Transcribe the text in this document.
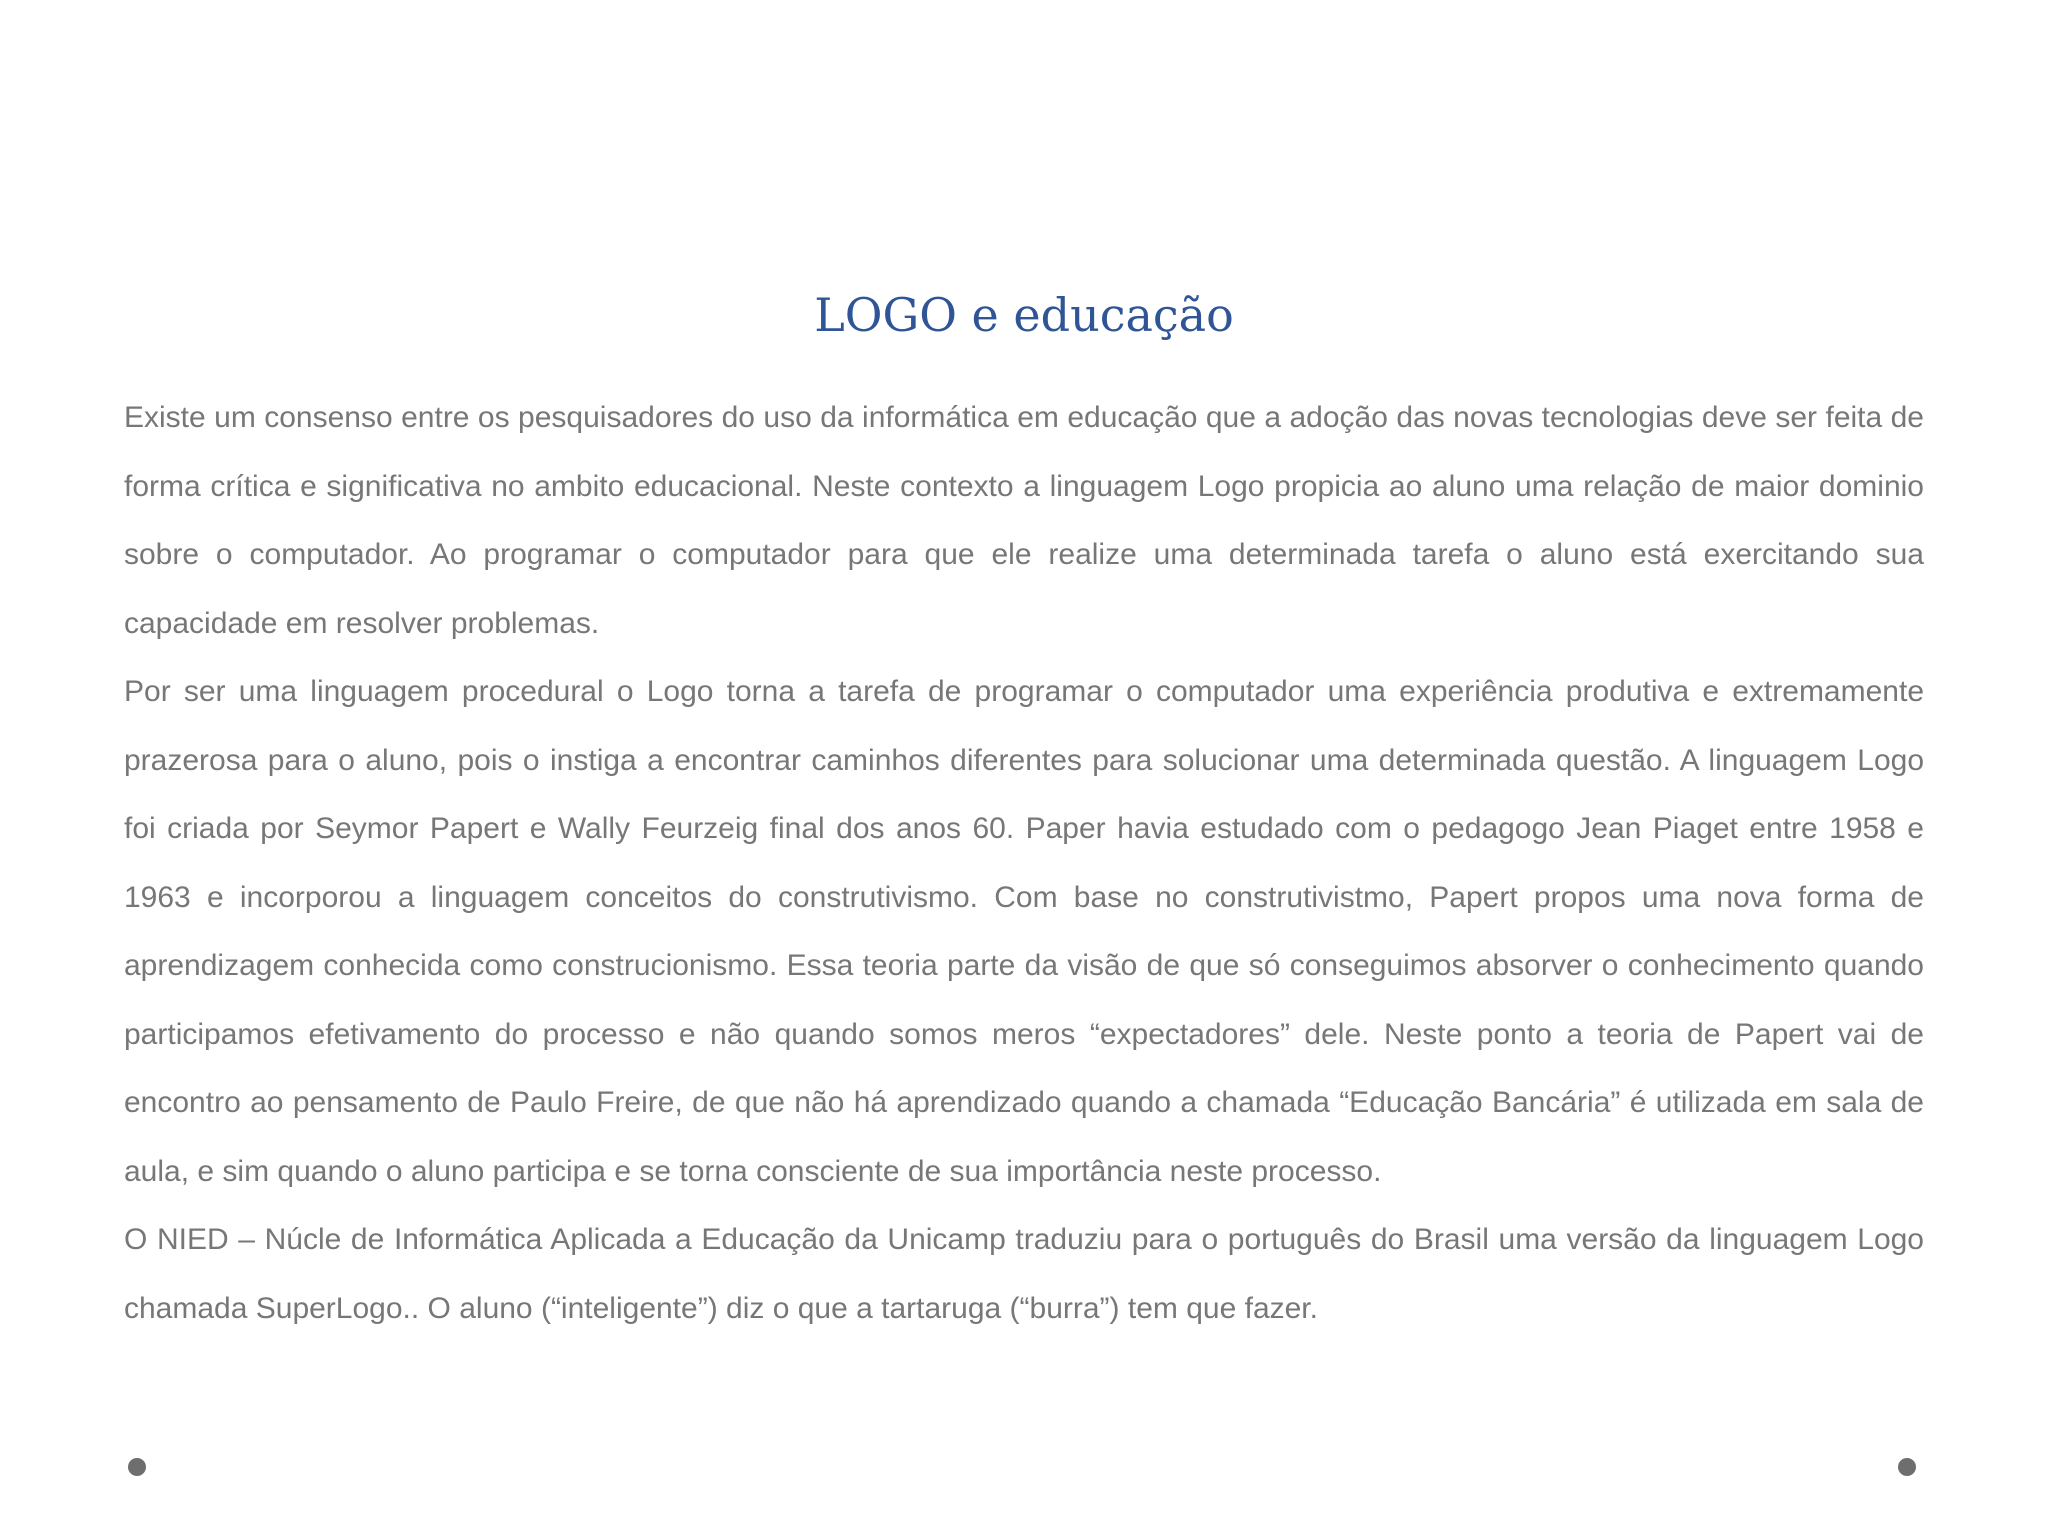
LOGO e educação

Existe um consenso entre os pesquisadores do uso da informática em educação que a adoção das novas tecnologias deve ser feita de forma crítica e significativa no ambito educacional. Neste contexto a linguagem Logo propicia ao aluno uma relação de maior dominio sobre o computador. Ao programar o computador para que ele realize uma determinada tarefa o aluno está exercitando sua capacidade em resolver problemas.

Por ser uma linguagem procedural o Logo torna a tarefa de programar o computador uma experiência produtiva e extremamente prazerosa para o aluno, pois o instiga a encontrar caminhos diferentes para solucionar uma determinada questão. A linguagem Logo foi criada por Seymor Papert e Wally Feurzeig final dos anos 60. Paper havia estudado com o pedagogo Jean Piaget entre 1958 e 1963 e incorporou a linguagem conceitos do construtivismo. Com base no construtivistmo, Papert propos uma nova forma de aprendizagem conhecida como construcionismo. Essa teoria parte da visão de que só conseguimos absorver o conhecimento quando participamos efetivamento do processo e não quando somos meros “expectadores” dele. Neste ponto a teoria de Papert vai de encontro ao pensamento de Paulo Freire, de que não há aprendizado quando a chamada “Educação Bancária” é utilizada em sala de aula, e sim quando o aluno participa e se torna consciente de sua importância neste processo.

O NIED – Núcle de Informática Aplicada a Educação da Unicamp traduziu para o português do Brasil uma versão da linguagem Logo chamada SuperLogo.. O aluno (“inteligente”) diz o que a tartaruga (“burra”) tem que fazer.
